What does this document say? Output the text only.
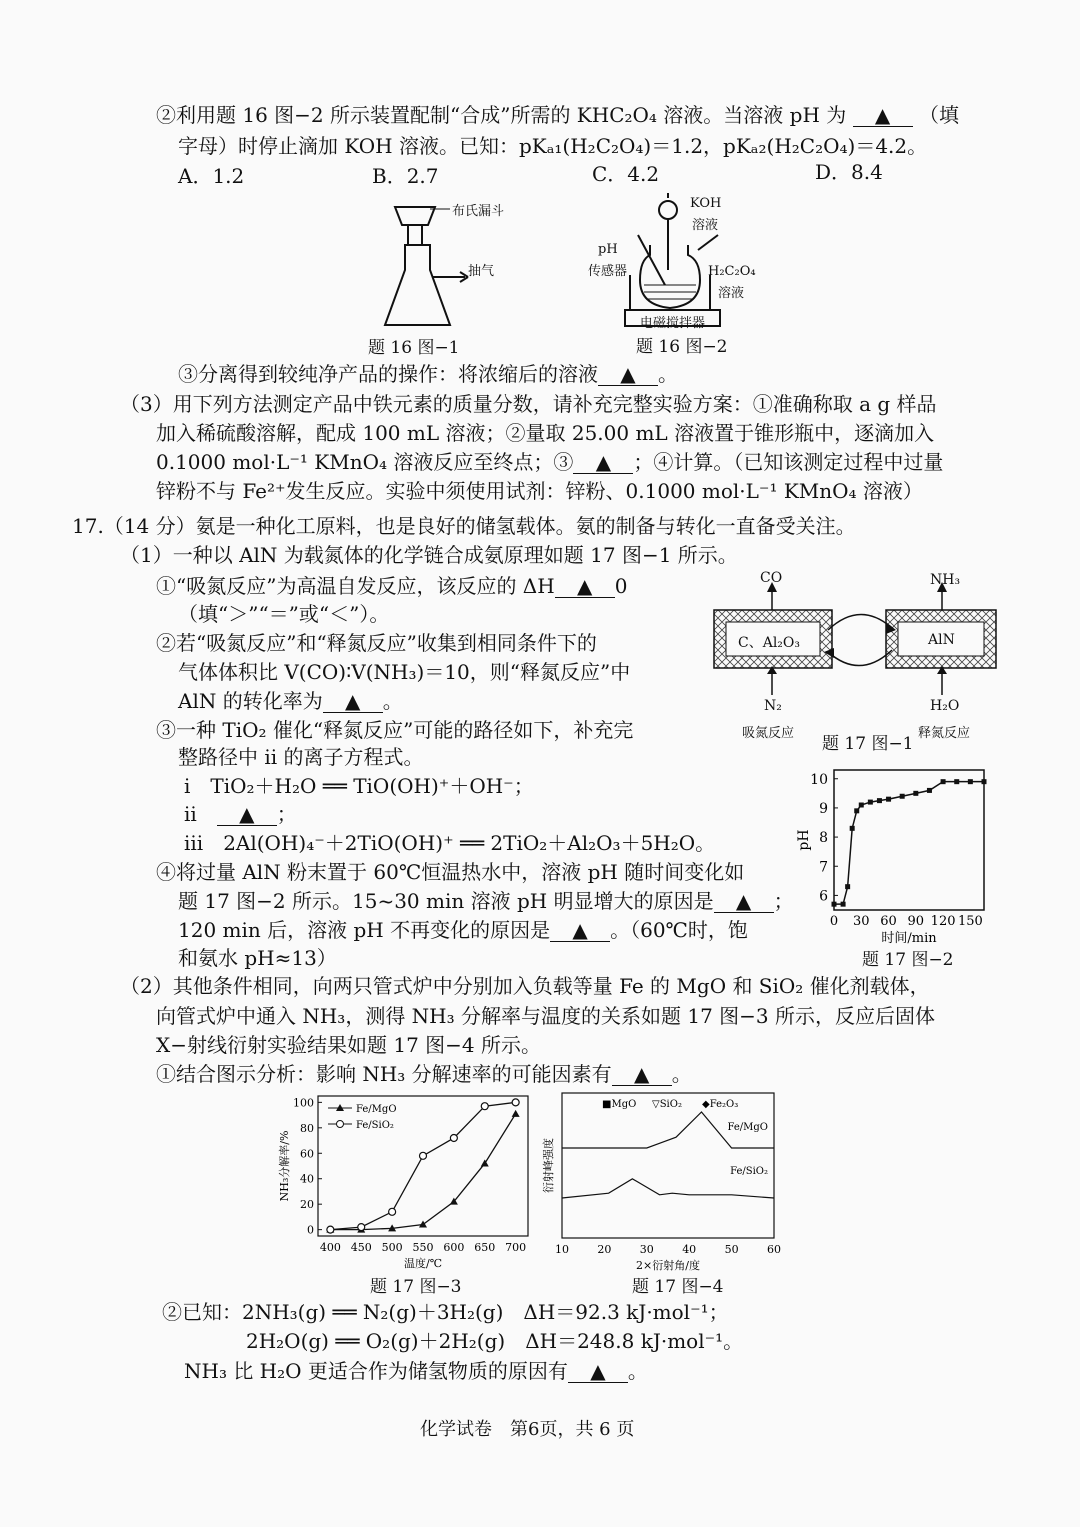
②利用题 16 图−2 所示装置配制“合成”所需的 KHC₂O₄ 溶液。当溶液 pH 为 ▲ （填
字母）时停止滴加 KOH 溶液。已知：pKₐ₁(H₂C₂O₄)＝1.2，pKₐ₂(H₂C₂O₄)＝4.2。
A．1.2	B．2.7	C．4.2	D．8.4
布氏漏斗
抽气
题 16 图−1
KOH
溶液
pH
传感器	H₂C₂O₄
溶液
电磁搅拌器
题 16 图−2
③分离得到较纯净产品的操作：将浓缩后的溶液 ▲ 。
（3）用下列方法测定产品中铁元素的质量分数，请补充完整实验方案：①准确称取 a g 样品
加入稀硫酸溶解，配成 100 mL 溶液；②量取 25.00 mL 溶液置于锥形瓶中，逐滴加入
0.1000 mol·L⁻¹ KMnO₄ 溶液反应至终点；③ ▲ ；④计算。（已知该测定过程中过量
锌粉不与 Fe²⁺发生反应。实验中须使用试剂：锌粉、0.1000 mol·L⁻¹ KMnO₄ 溶液）
17.（14 分）氨是一种化工原料，也是良好的储氢载体。氨的制备与转化一直备受关注。
（1）一种以 AlN 为载氮体的化学链合成氨原理如题 17 图−1 所示。
①“吸氮反应”为高温自发反应，该反应的 ΔH ▲ 0
（填“＞”“＝”或“＜”）。
②若“吸氮反应”和“释氮反应”收集到相同条件下的
气体体积比 V(CO)∶V(NH₃)＝10，则“释氮反应”中
AlN 的转化率为 ▲ 。
③一种 TiO₂ 催化“释氮反应”可能的路径如下，补充完
整路径中 ii 的离子方程式。
i　TiO₂＋H₂O ══ TiO(OH)⁺＋OH⁻；
ii　 ▲ ；
iii　2Al(OH)₄⁻＋2TiO(OH)⁺ ══ 2TiO₂＋Al₂O₃＋5H₂O。
④将过量 AlN 粉末置于 60℃恒温热水中，溶液 pH 随时间变化如
题 17 图−2 所示。15~30 min 溶液 pH 明显增大的原因是 ▲ ；
120 min 后，溶液 pH 不再变化的原因是 ▲ 。（60℃时，饱
和氨水 pH≈13）
CO	NH₃
C、Al₂O₃	AlN
N₂	H₂O
吸氮反应
题 17 图−1
释氮反应
0 30 60 90 120 150
6
7
8
9
10
pH
时间/min
题 17 图−2
（2）其他条件相同，向两只管式炉中分别加入负载等量 Fe 的 MgO 和 SiO₂ 催化剂载体，
向管式炉中通入 NH₃，测得 NH₃ 分解率与温度的关系如题 17 图−3 所示，反应后固体
X−射线衍射实验结果如题 17 图−4 所示。
①结合图示分析：影响 NH₃ 分解速率的可能因素有 ▲ 。
400 450 500 550 600 650 700
0
20
40
60
80
100
NH₃分解率/%
温度/℃
Fe/MgO
Fe/SiO₂
题 17 图−3
10	20	30	40	50	60
2×衍射角/度
衍射峰强度
■MgO ▽SiO₂ ◆Fe₂O₃
Fe/MgO
Fe/SiO₂
题 17 图−4
②已知：2NH₃(g) ══ N₂(g)＋3H₂(g)　ΔH＝92.3 kJ·mol⁻¹；
2H₂O(g) ══ O₂(g)＋2H₂(g)　ΔH＝248.8 kJ·mol⁻¹。
NH₃ 比 H₂O 更适合作为储氢物质的原因有 ▲ 。
化学试卷　第6页，共 6 页
